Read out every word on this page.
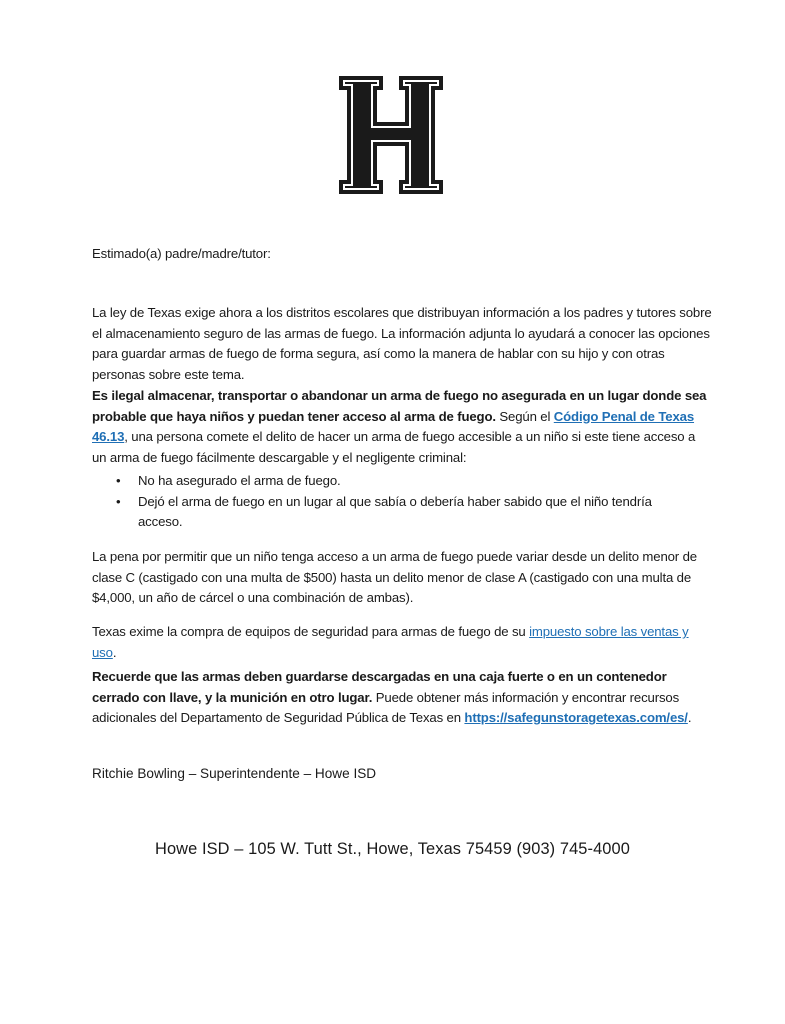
Estimado(a) padre/madre/tutor:

La ley de Texas exige ahora a los distritos escolares que distribuyan información a los padres y tutores sobre el almacenamiento seguro de las armas de fuego. La información adjunta lo ayudará a conocer las opciones para guardar armas de fuego de forma segura, así como la manera de hablar con su hijo y con otras personas sobre este tema.

Es ilegal almacenar, transportar o abandonar un arma de fuego no asegurada en un lugar donde sea probable que haya niños y puedan tener acceso al arma de fuego. Según el Código Penal de Texas 46.13, una persona comete el delito de hacer un arma de fuego accesible a un niño si este tiene acceso a un arma de fuego fácilmente descargable y el negligente criminal:

• No ha asegurado el arma de fuego.
• Dejó el arma de fuego en un lugar al que sabía o debería haber sabido que el niño tendría acceso.

La pena por permitir que un niño tenga acceso a un arma de fuego puede variar desde un delito menor de clase C (castigado con una multa de $500) hasta un delito menor de clase A (castigado con una multa de $4,000, un año de cárcel o una combinación de ambas).

Texas exime la compra de equipos de seguridad para armas de fuego de su impuesto sobre las ventas y uso.

Recuerde que las armas deben guardarse descargadas en una caja fuerte o en un contenedor cerrado con llave, y la munición en otro lugar. Puede obtener más información y encontrar recursos adicionales del Departamento de Seguridad Pública de Texas en https://safegunstoragetexas.com/es/.

Ritchie Bowling – Superintendente – Howe ISD
Howe ISD – 105 W. Tutt St., Howe, Texas 75459 (903) 745-4000
